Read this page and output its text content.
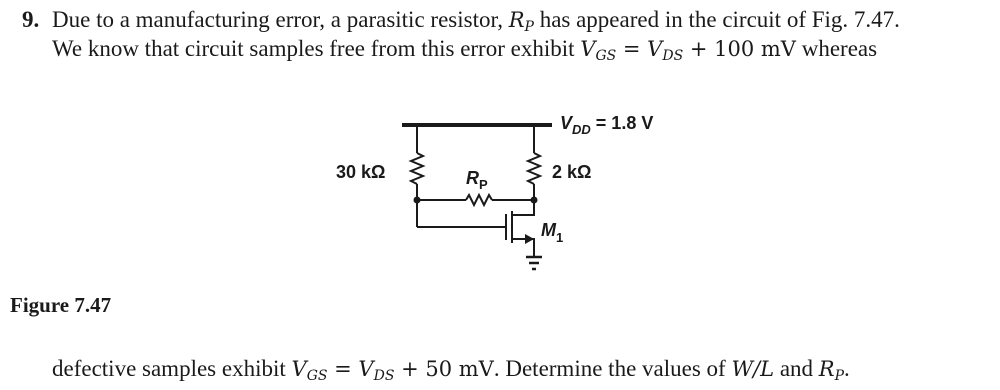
9. Due to a manufacturing error, a parasitic resistor, $R_P$ has appeared in the circuit of Fig. 7.47.
We know that circuit samples free from this error exhibit $V_{GS} = V_{DS} + 100$ mV whereas
Figure 7.47
$V_{DD} = 1.8$ V
30 kΩ	2 kΩ
$R_P$
$M_1$
defective samples exhibit $V_{GS} = V_{DS} + 50$ mV. Determine the values of W/L and $R_P$.
